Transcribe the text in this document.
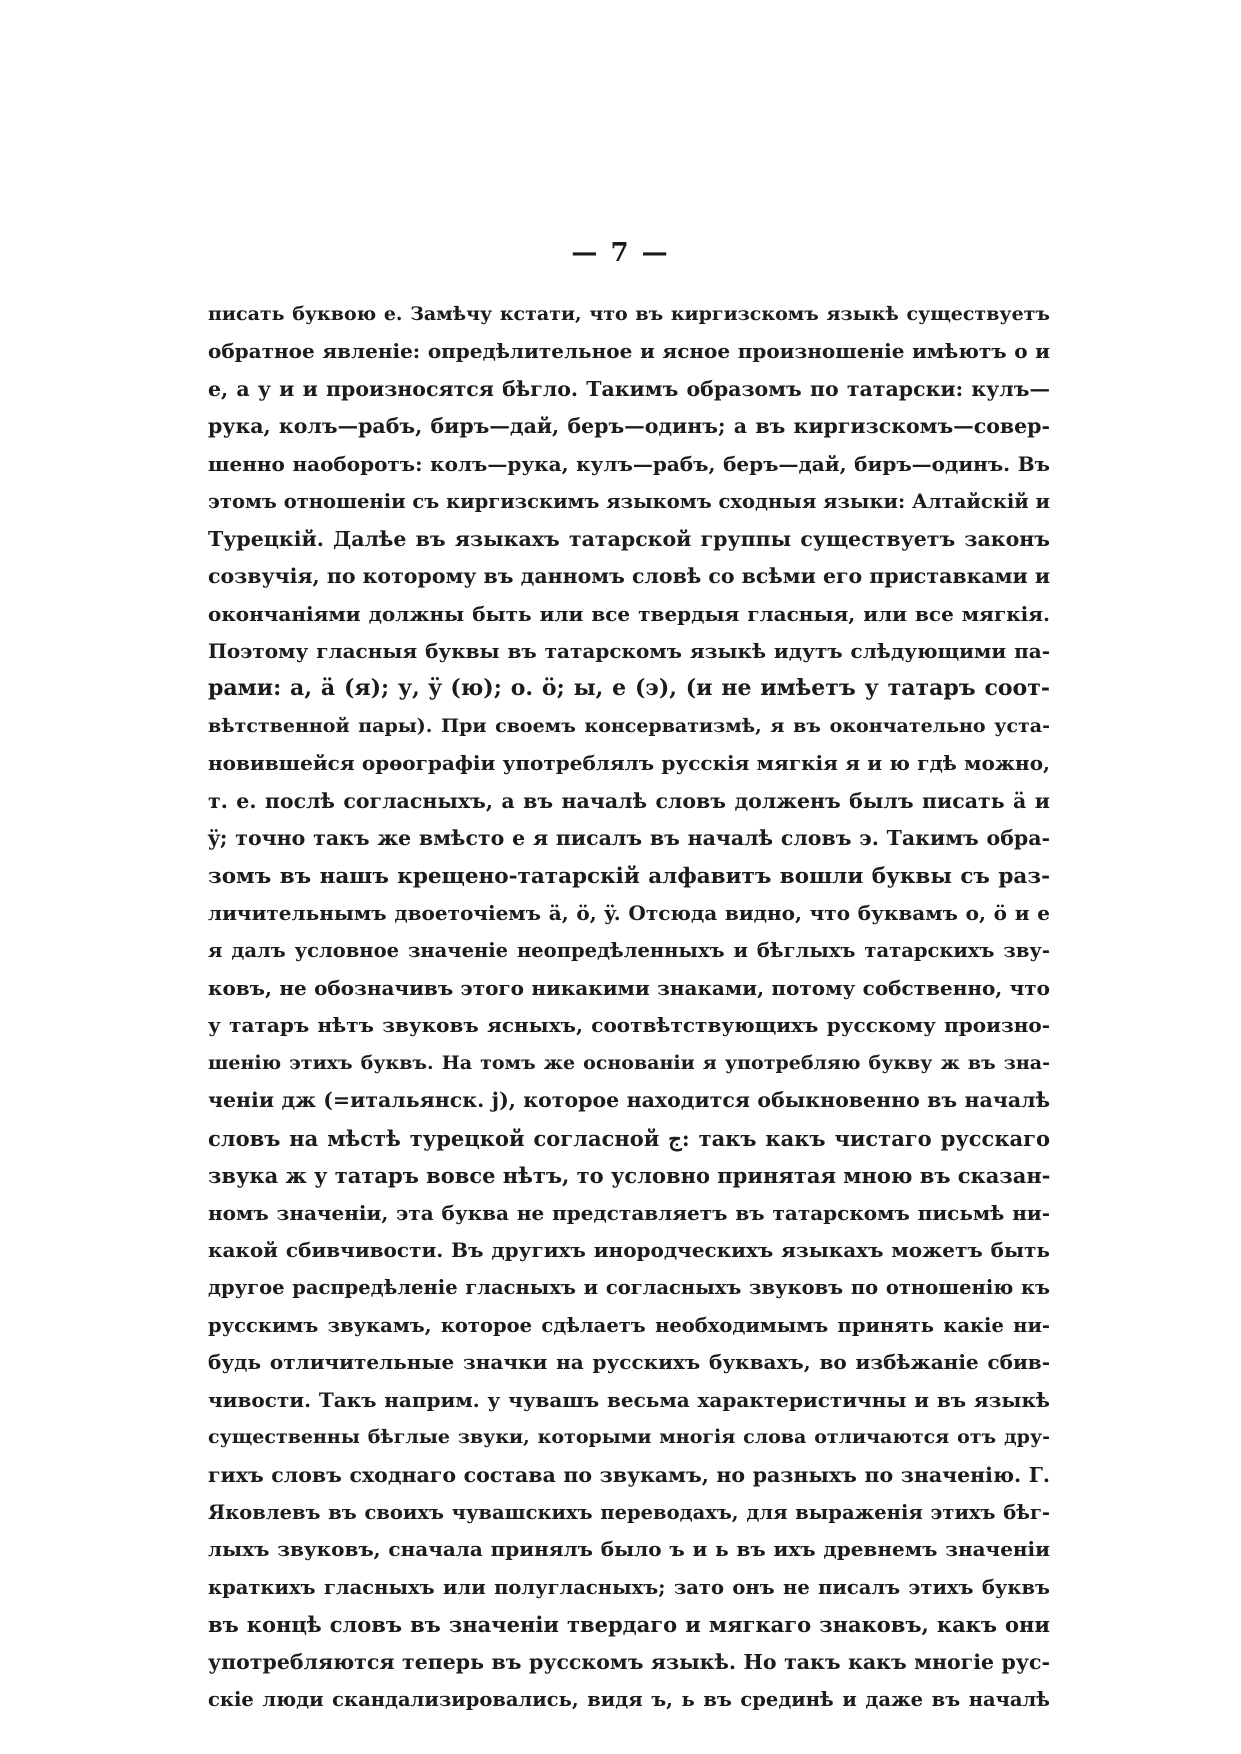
— 7 —
писать буквою е. Замѣчу кстати, что въ киргизскомъ языкѣ существуетъ
обратное явленіе: опредѣлительное и ясное произношеніе имѣютъ о и
е, а у и и произносятся бѣгло. Такимъ образомъ по татарски: кулъ—
рука, колъ—рабъ, биръ—дай, беръ—одинъ; а въ киргизскомъ—совер-
шенно наоборотъ: колъ—рука, кулъ—рабъ, беръ—дай, биръ—одинъ. Въ
этомъ отношеніи съ киргизскимъ языкомъ сходныя языки: Алтайскій и
Турецкій. Далѣе въ языкахъ татарской группы существуетъ законъ
созвучія, по которому въ данномъ словѣ со всѣми его приставками и
окончаніями должны быть или все твердыя гласныя, или все мягкія.
Поэтому гласныя буквы въ татарскомъ языкѣ идутъ слѣдующими па-
рами: а, ä (я); у, ÿ (ю); о. ö; ы, е (э), (и не имѣетъ у татаръ соот-
вѣтственной пары). При своемъ консерватизмѣ, я въ окончательно уста-
новившейся орѳографіи употреблялъ русскія мягкія я и ю гдѣ можно,
т. е. послѣ согласныхъ, а въ началѣ словъ долженъ былъ писать ä и
ÿ; точно такъ же вмѣсто е я писалъ въ началѣ словъ э. Такимъ обра-
зомъ въ нашъ крещено-татарскій алфавитъ вошли буквы съ раз-
личительнымъ двоеточіемъ ä, ö, ÿ. Отсюда видно, что буквамъ о, ö и е
я далъ условное значеніе неопредѣленныхъ и бѣглыхъ татарскихъ зву-
ковъ, не обозначивъ этого никакими знаками, потому собственно, что
у татаръ нѣтъ звуковъ ясныхъ, соотвѣтствующихъ русскому произно-
шенію этихъ буквъ. На томъ же основаніи я употребляю букву ж въ зна-
ченіи дж (=итальянск. j), которое находится обыкновенно въ началѣ
словъ на мѣстѣ турецкой согласной ج: такъ какъ чистаго русскаго
звука ж у татаръ вовсе нѣтъ, то условно принятая мною въ сказан-
номъ значеніи, эта буква не представляетъ въ татарскомъ письмѣ ни-
какой сбивчивости. Въ другихъ инородческихъ языкахъ можетъ быть
другое распредѣленіе гласныхъ и согласныхъ звуковъ по отношенію къ
русскимъ звукамъ, которое сдѣлаетъ необходимымъ принять какіе ни-
будь отличительные значки на русскихъ буквахъ, во избѣжаніе сбив-
чивости. Такъ наприм. у чувашъ весьма характеристичны и въ языкѣ
существенны бѣглые звуки, которыми многія слова отличаются отъ дру-
гихъ словъ сходнаго состава по звукамъ, но разныхъ по значенію. Г.
Яковлевъ въ своихъ чувашскихъ переводахъ, для выраженія этихъ бѣг-
лыхъ звуковъ, сначала принялъ было ъ и ь въ ихъ древнемъ значеніи
краткихъ гласныхъ или полугласныхъ; зато онъ не писалъ этихъ буквъ
въ концѣ словъ въ значеніи твердаго и мягкаго знаковъ, какъ они
употребляются теперь въ русскомъ языкѣ. Но такъ какъ многіе рус-
скіе люди скандализировались, видя ъ, ь въ срединѣ и даже въ началѣ
